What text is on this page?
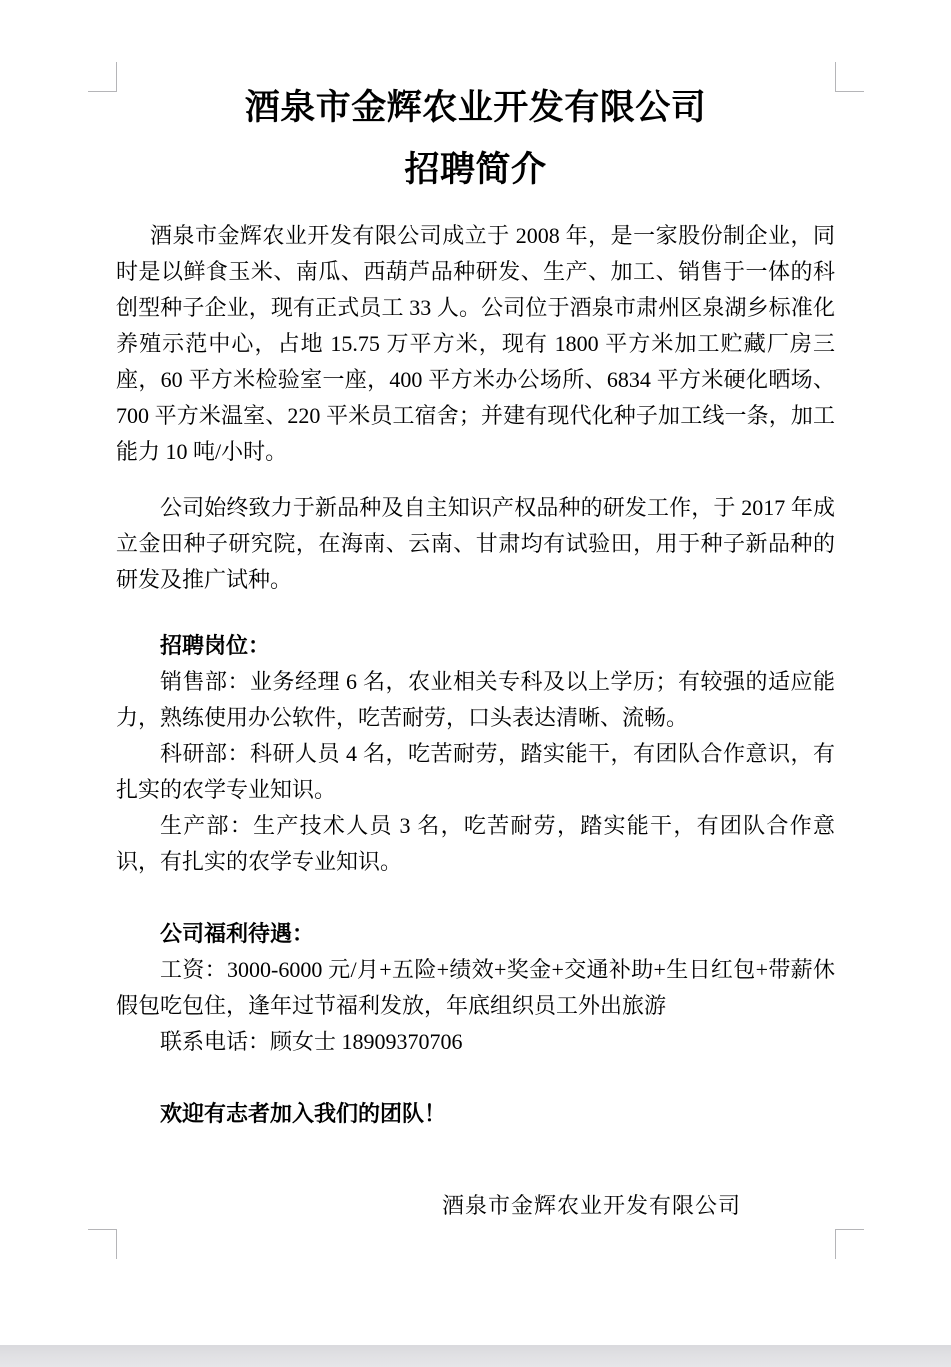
酒泉市金辉农业开发有限公司
招聘简介

酒泉市金辉农业开发有限公司成立于 2008 年，是一家股份制企业，同时是以鲜食玉米、南瓜、西葫芦品种研发、生产、加工、销售于一体的科创型种子企业，现有正式员工 33 人。公司位于酒泉市肃州区泉湖乡标准化养殖示范中心，占地 15.75 万平方米，现有 1800 平方米加工贮藏厂房三座，60 平方米检验室一座，400 平方米办公场所、6834 平方米硬化晒场、700 平方米温室、220 平米员工宿舍；并建有现代化种子加工线一条，加工能力 10 吨/小时。

公司始终致力于新品种及自主知识产权品种的研发工作，于 2017 年成立金田种子研究院，在海南、云南、甘肃均有试验田，用于种子新品种的研发及推广试种。

招聘岗位：

销售部：业务经理 6 名，农业相关专科及以上学历；有较强的适应能力，熟练使用办公软件，吃苦耐劳，口头表达清晰、流畅。

科研部：科研人员 4 名，吃苦耐劳，踏实能干，有团队合作意识，有扎实的农学专业知识。

生产部：生产技术人员 3 名，吃苦耐劳，踏实能干，有团队合作意识，有扎实的农学专业知识。

公司福利待遇：

工资：3000-6000 元/月+五险+绩效+奖金+交通补助+生日红包+带薪休假包吃包住，逢年过节福利发放，年底组织员工外出旅游

联系电话：顾女士 18909370706

欢迎有志者加入我们的团队！

酒泉市金辉农业开发有限公司
